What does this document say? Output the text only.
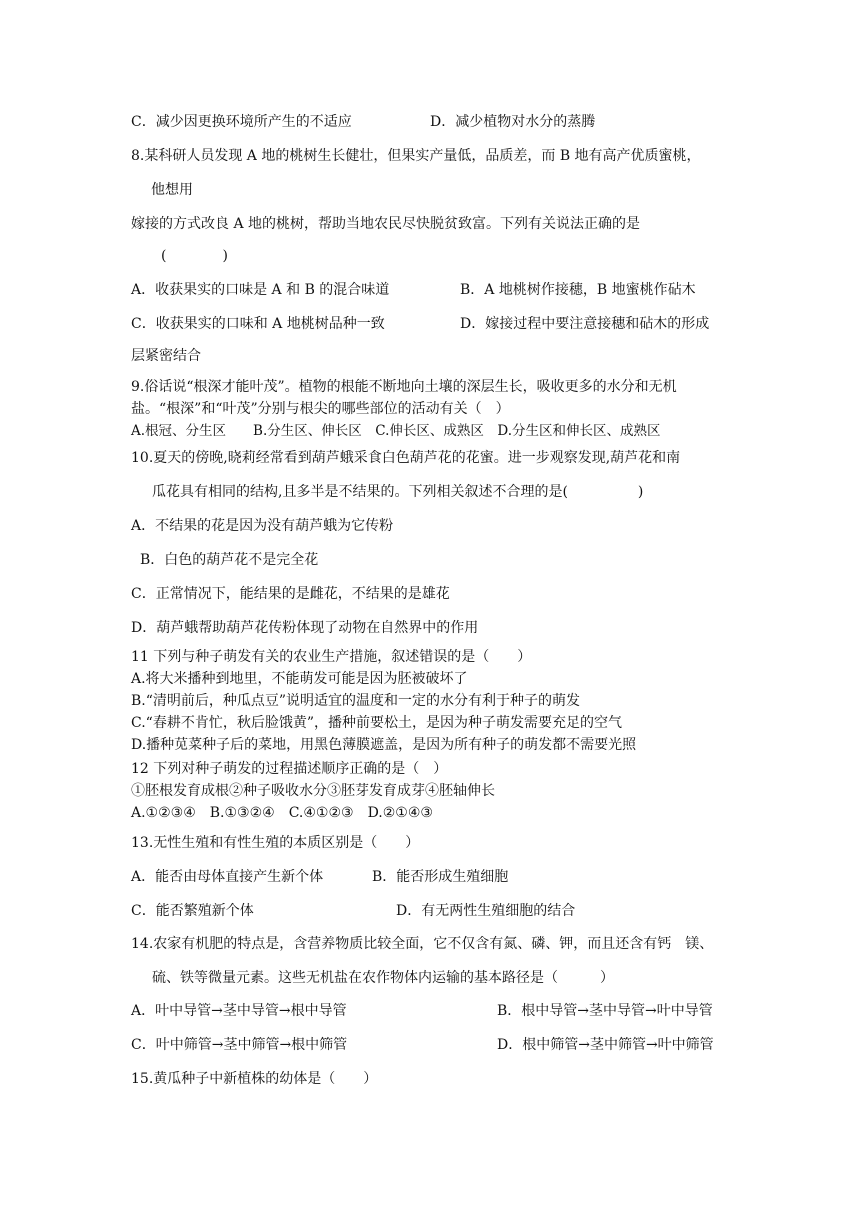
C．减少因更换环境所产生的不适应	D．减少植物对水分的蒸腾
8.某科研人员发现 A 地的桃树生长健壮，但果实产量低，品质差，而 B 地有高产优质蜜桃，
他想用
嫁接的方式改良 A 地的桃树，帮助当地农民尽快脱贫致富。下列有关说法正确的是
(　　　　)
A．收获果实的口味是 A 和 B 的混合味道	B．A 地桃树作接穗，B 地蜜桃作砧木
C．收获果实的口味和 A 地桃树品种一致	D．嫁接过程中要注意接穗和砧木的形成
层紧密结合
9.俗话说“根深才能叶茂”。植物的根能不断地向土壤的深层生长，吸收更多的水分和无机
盐。“根深”和“叶茂”分别与根尖的哪些部位的活动有关（　）
A.根冠、分生区　　B.分生区、伸长区　C.伸长区、成熟区　D.分生区和伸长区、成熟区
10.夏天的傍晚,晓莉经常看到葫芦蛾采食白色葫芦花的花蜜。进一步观察发现,葫芦花和南
瓜花具有相同的结构,且多半是不结果的。下列相关叙述不合理的是(　　　　　)
A．不结果的花是因为没有葫芦蛾为它传粉
B．白色的葫芦花不是完全花
C．正常情况下，能结果的是雌花，不结果的是雄花
D．葫芦蛾帮助葫芦花传粉体现了动物在自然界中的作用
11 下列与种子萌发有关的农业生产措施，叙述错误的是（　　）
A.将大米播种到地里，不能萌发可能是因为胚被破坏了
B.“清明前后，种瓜点豆”说明适宜的温度和一定的水分有利于种子的萌发
C.“春耕不肯忙，秋后脸饿黄”，播种前要松土，是因为种子萌发需要充足的空气
D.播种苋菜种子后的菜地，用黑色薄膜遮盖，是因为所有种子的萌发都不需要光照
12 下列对种子萌发的过程描述顺序正确的是（　）
①胚根发育成根②种子吸收水分③胚芽发育成芽④胚轴伸长
A.①②③④　B.①③②④　C.④①②③　D.②①④③
13.无性生殖和有性生殖的本质区别是（　　）
A．能否由母体直接产生新个体	B．能否形成生殖细胞
C．能否繁殖新个体	D．有无两性生殖细胞的结合
14.农家有机肥的特点是，含营养物质比较全面，它不仅含有氮、磷、钾，而且还含有钙　镁、
硫、铁等微量元素。这些无机盐在农作物体内运输的基本路径是（　　　）
A．叶中导管→茎中导管→根中导管	B．根中导管→茎中导管→叶中导管
C．叶中筛管→茎中筛管→根中筛管	D．根中筛管→茎中筛管→叶中筛管
15.黄瓜种子中新植株的幼体是（　　）
